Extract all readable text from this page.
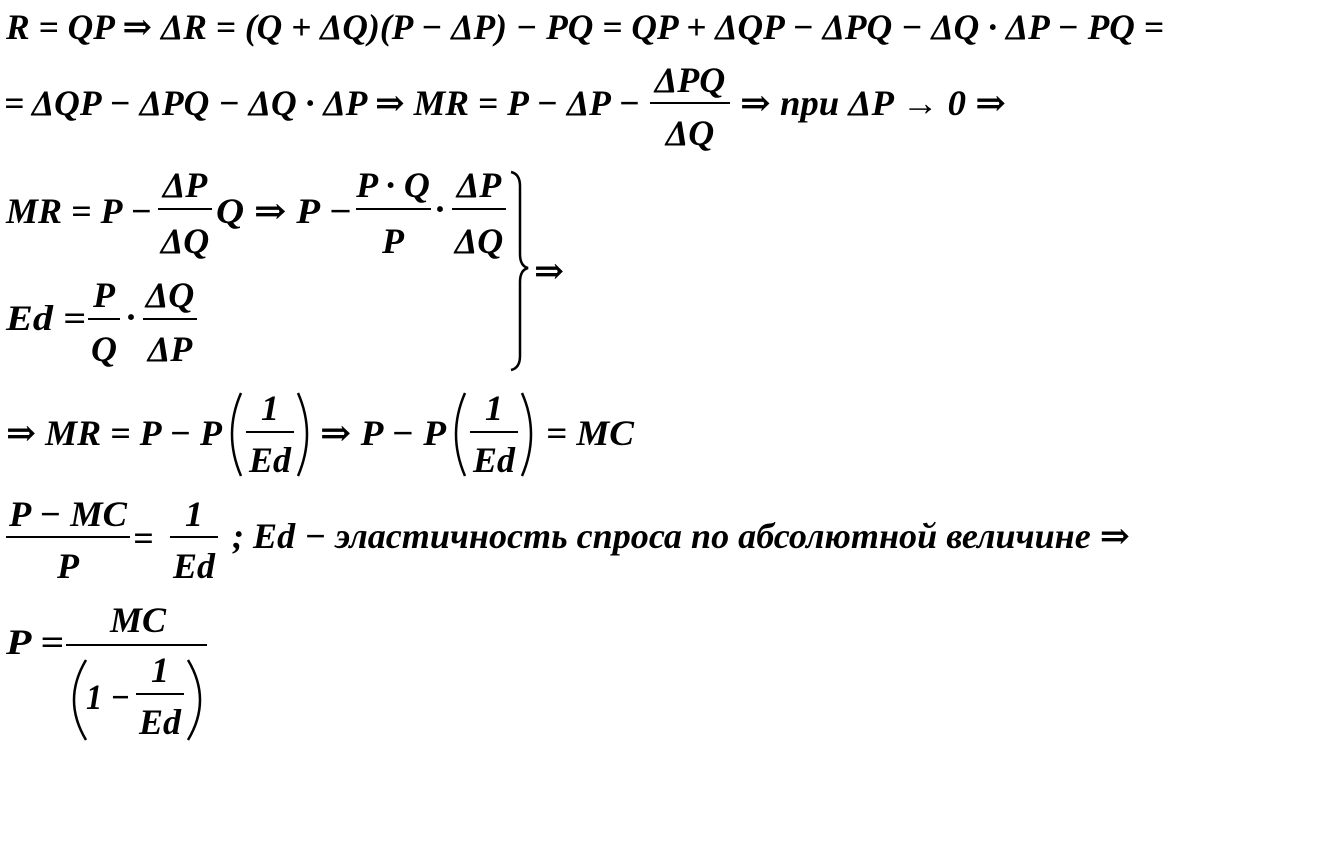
R = QP ⇒ ΔR = (Q + ΔQ)(P − ΔP) − PQ = QP + ΔQP − ΔPQ − ΔQ · ΔP − PQ =
= ΔQP − ΔPQ − ΔQ · ΔP ⇒ MR = P − ΔP −
ΔPQ
ΔQ
⇒ при ΔP → 0 ⇒
MR = P −
ΔP
ΔQ
Q ⇒ P −
P · Q
P
·
ΔP
ΔQ
Ed =
P
Q
·
ΔQ
ΔP
⇒
⇒ MR = P − P
1
Ed
⇒ P − P
1
Ed
= MC
P − MC
P
=
1
Ed
; Ed − эластичность спроса по абсолютной величине ⇒
P =
MC
1 −
1
Ed
